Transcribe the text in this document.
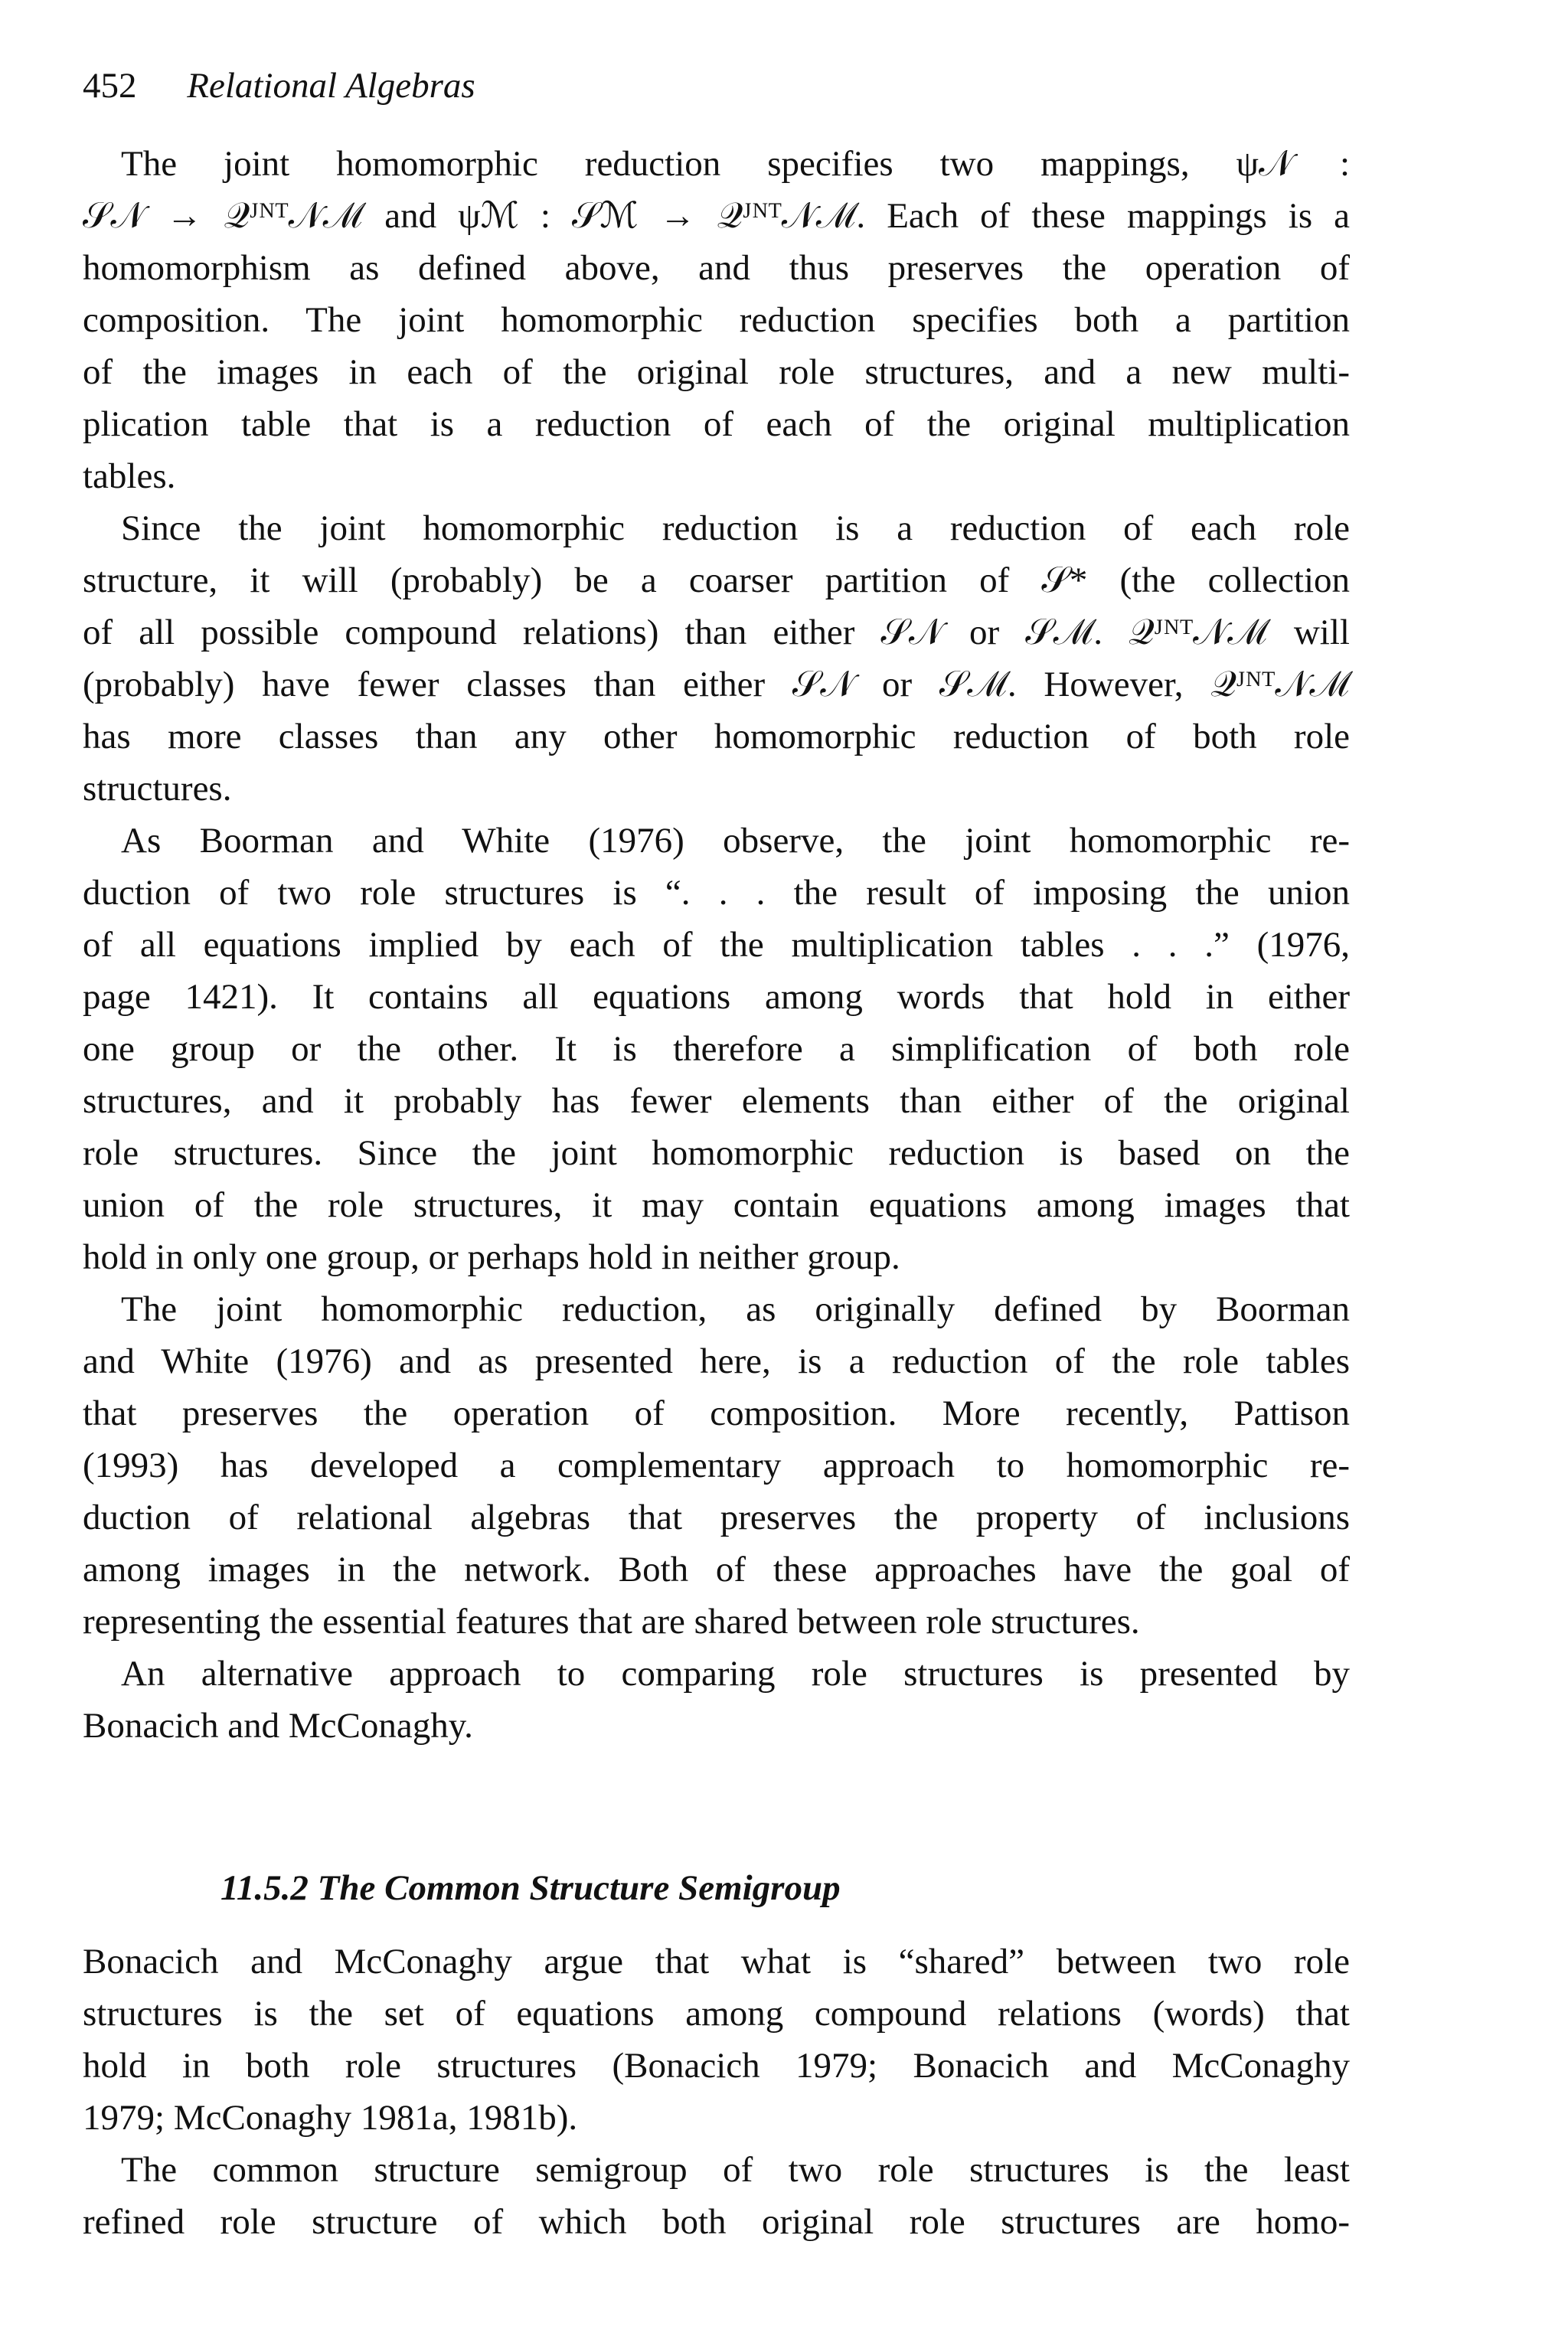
452 Relational Algebras
The joint homomorphic reduction specifies two mappings, ψ𝒩 :
𝒮𝒩 → 𝒬ᴶᴺᵀ𝒩ℳ and ψℳ : 𝒮ℳ → 𝒬ᴶᴺᵀ𝒩ℳ. Each of these mappings is a
homomorphism as defined above, and thus preserves the operation of
composition. The joint homomorphic reduction specifies both a partition
of the images in each of the original role structures, and a new multi-
plication table that is a reduction of each of the original multiplication
tables.
Since the joint homomorphic reduction is a reduction of each role
structure, it will (probably) be a coarser partition of 𝒮* (the collection
of all possible compound relations) than either 𝒮𝒩 or 𝒮ℳ. 𝒬ᴶᴺᵀ𝒩ℳ will
(probably) have fewer classes than either 𝒮𝒩 or 𝒮ℳ. However, 𝒬ᴶᴺᵀ𝒩ℳ
has more classes than any other homomorphic reduction of both role
structures.
As Boorman and White (1976) observe, the joint homomorphic re-
duction of two role structures is “. . . the result of imposing the union
of all equations implied by each of the multiplication tables . . .” (1976,
page 1421). It contains all equations among words that hold in either
one group or the other. It is therefore a simplification of both role
structures, and it probably has fewer elements than either of the original
role structures. Since the joint homomorphic reduction is based on the
union of the role structures, it may contain equations among images that
hold in only one group, or perhaps hold in neither group.
The joint homomorphic reduction, as originally defined by Boorman
and White (1976) and as presented here, is a reduction of the role tables
that preserves the operation of composition. More recently, Pattison
(1993) has developed a complementary approach to homomorphic re-
duction of relational algebras that preserves the property of inclusions
among images in the network. Both of these approaches have the goal of
representing the essential features that are shared between role structures.
An alternative approach to comparing role structures is presented by
Bonacich and McConaghy.
11.5.2 The Common Structure Semigroup
Bonacich and McConaghy argue that what is “shared” between two role
structures is the set of equations among compound relations (words) that
hold in both role structures (Bonacich 1979; Bonacich and McConaghy
1979; McConaghy 1981a, 1981b).
The common structure semigroup of two role structures is the least
refined role structure of which both original role structures are homo-
